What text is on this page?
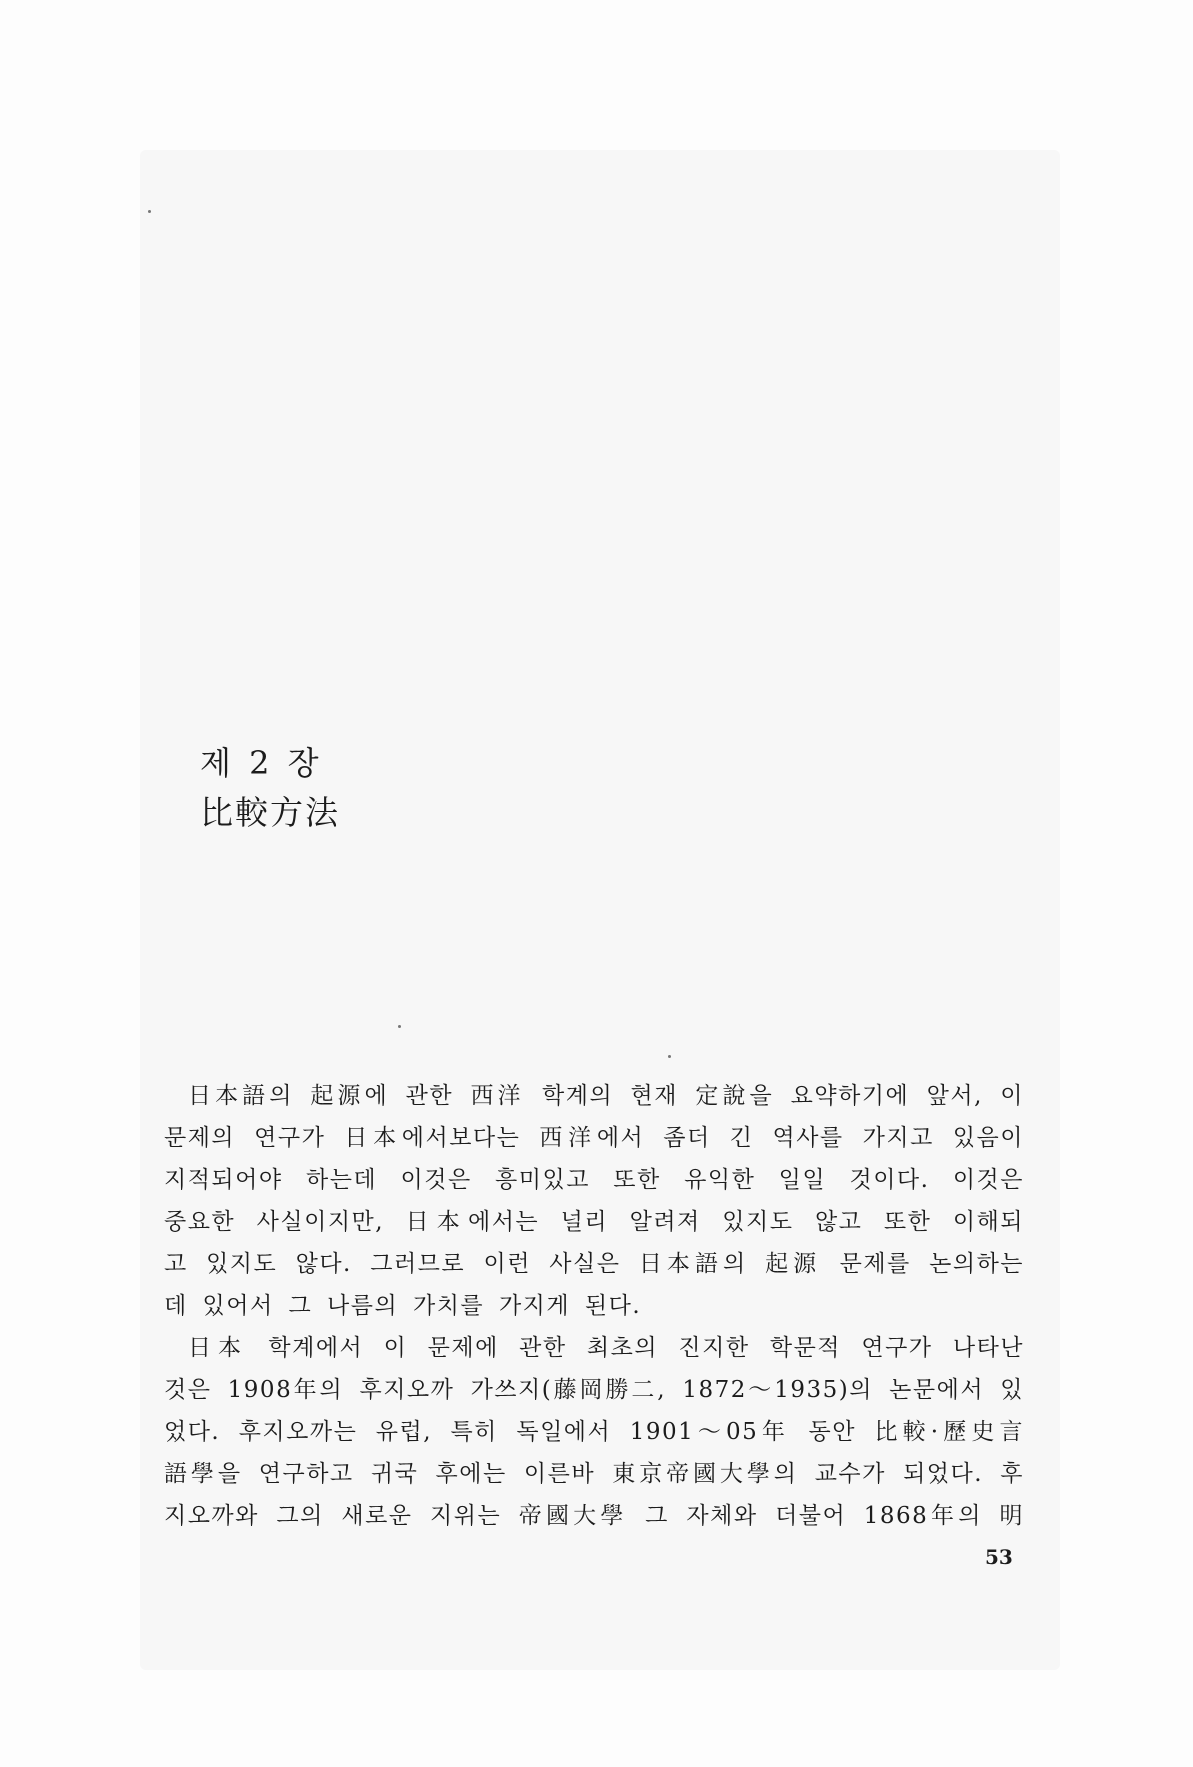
제 2 장

比較方法

日本語의 起源에 관한 西洋 학계의 현재 定說을 요약하기에 앞서, 이
문제의 연구가 日本에서보다는 西洋에서 좀더 긴 역사를 가지고 있음이
지적되어야 하는데 이것은 흥미있고 또한 유익한 일일 것이다. 이것은
중요한 사실이지만, 日本에서는 널리 알려져 있지도 않고 또한 이해되
고 있지도 않다. 그러므로 이런 사실은 日本語의 起源 문제를 논의하는
데 있어서 그 나름의 가치를 가지게 된다.
日本 학계에서 이 문제에 관한 최초의 진지한 학문적 연구가 나타난
것은 1908年의 후지오까 가쓰지(藤岡勝二, 1872～1935)의 논문에서 있
었다. 후지오까는 유럽, 특히 독일에서 1901～05年 동안 比較·歷史言
語學을 연구하고 귀국 후에는 이른바 東京帝國大學의 교수가 되었다. 후
지오까와 그의 새로운 지위는 帝國大學 그 자체와 더불어 1868年의 明
53
